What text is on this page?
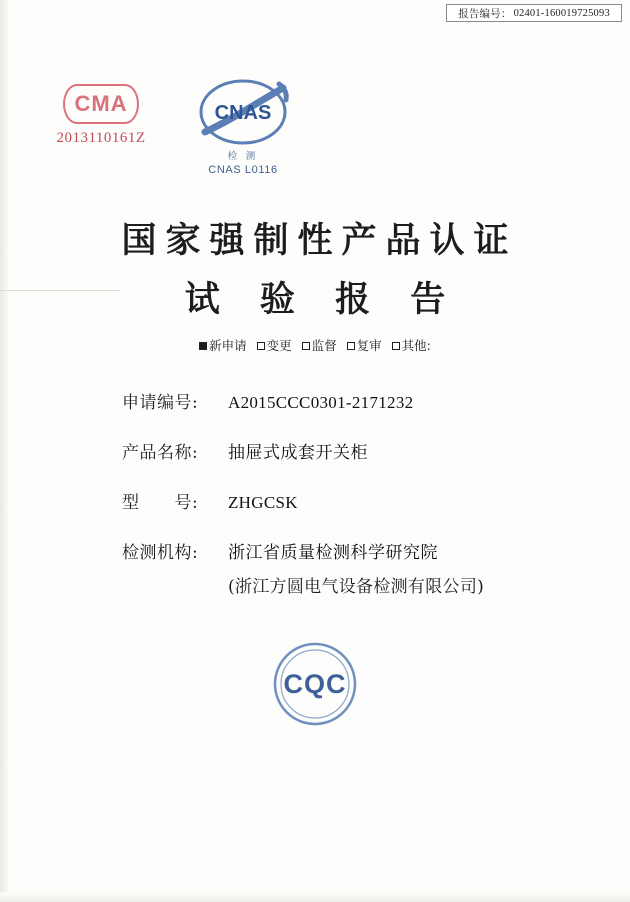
报告编号： 02401-160019725093
CMA
2013110161Z
CNAS
检 测
CNAS L0116
国家强制性产品认证
试 验 报 告
新申请 变更 监督 复审 其他:
申请编号:	A2015CCC0301-2171232
产品名称:	抽屉式成套开关柜
型　　号:	ZHGCSK
检测机构:	浙江省质量检测科学研究院
(浙江方圆电气设备检测有限公司)
CQC
